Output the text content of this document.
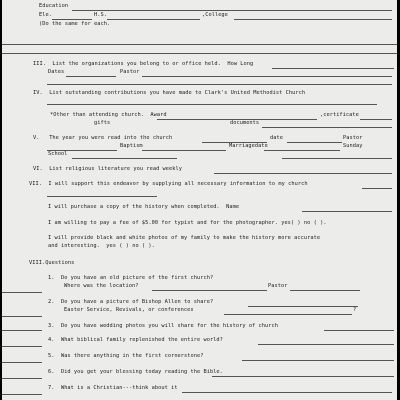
Education
Ele.	H.S.	,College
(Do the same for each.
III.  List the organizations you belong to or office held.  How Long
Dates	Pastor
IV.  List outstanding contributions you have made to Clark's United Methodist Church
*Other than attending church.  Award	,certificate
gifts	documents
V.   The year you were read into the church	date	Pastor
Baptism	Marriagedate	Sunday
School
VI.  List religious literature you read weekly
VII.  I will support this endeavor by supplying all necessary information to my church
I will purchase a copy of the history when completed.  Name
I am willing to pay a fee of $5.00 for typist and for the photographer. yes( ) no ( ).
I will provide black and white photos of my family to make the history more accurate
and interesting.  yes ( ) no ( ).
VIII.Questions
1.  Do you have an old picture of the first church?
Where was the location?	Pastor
2.  Do you have a picture of Bishop Allen to share?
Easter Service, Revivals, or conferences	?
3.  Do you have wedding photos you will share for the history of church
4.  What biblical family replenished the entire world?
5.  Was there anything in the first cornerstone?
6.  Did you get your blessing today reading the Bible.
7.  What is a Christian---think about it
